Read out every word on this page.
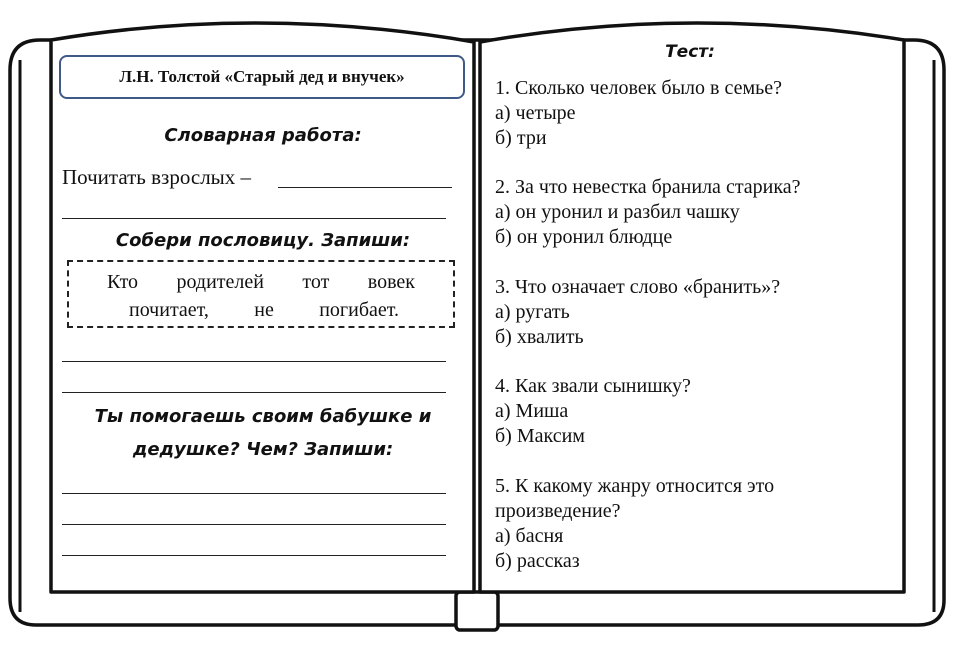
Л.Н. Толстой «Старый дед и внучек»
Словарная работа:
Почитать взрослых –
Собери пословицу. Запиши:
Кто родителей тот вовек
почитает, не погибает.
Ты помогаешь своим бабушке и
дедушке? Чем? Запиши:
Тест:
1. Сколько человек было в семье?
а) четыре
б) три
2. За что невестка бранила старика?
а) он уронил и разбил чашку
б) он уронил блюдце
3. Что означает слово «бранить»?
а) ругать
б) хвалить
4. Как звали сынишку?
а) Миша
б) Максим
5. К какому жанру относится это
произведение?
а) басня
б) рассказ
